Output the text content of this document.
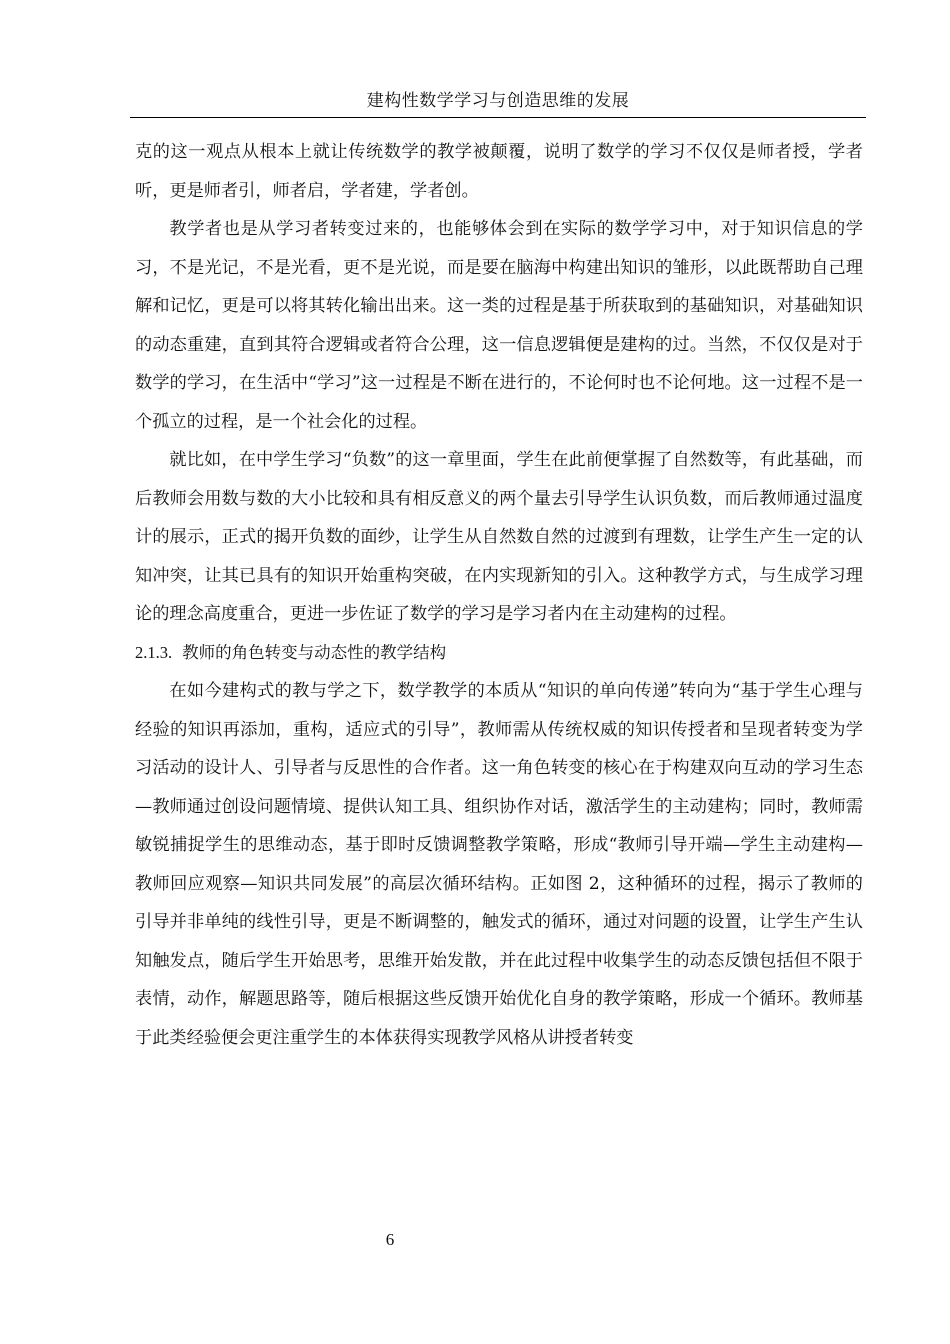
建构性数学学习与创造思维的发展

克的这一观点从根本上就让传统数学的教学被颠覆，说明了数学的学习不仅仅是师者授，学者听，更是师者引，师者启，学者建，学者创。

教学者也是从学习者转变过来的，也能够体会到在实际的数学学习中，对于知识信息的学习，不是光记，不是光看，更不是光说，而是要在脑海中构建出知识的雏形，以此既帮助自己理解和记忆，更是可以将其转化输出出来。这一类的过程是基于所获取到的基础知识，对基础知识的动态重建，直到其符合逻辑或者符合公理，这一信息逻辑便是建构的过。当然，不仅仅是对于数学的学习，在生活中“学习”这一过程是不断在进行的，不论何时也不论何地。这一过程不是一个孤立的过程，是一个社会化的过程。

就比如，在中学生学习“负数”的这一章里面，学生在此前便掌握了自然数等，有此基础，而后教师会用数与数的大小比较和具有相反意义的两个量去引导学生认识负数，而后教师通过温度计的展示，正式的揭开负数的面纱，让学生从自然数自然的过渡到有理数，让学生产生一定的认知冲突，让其已具有的知识开始重构突破，在内实现新知的引入。这种教学方式，与生成学习理论的理念高度重合，更进一步佐证了数学的学习是学习者内在主动建构的过程。

2.1.3. 教师的角色转变与动态性的教学结构

在如今建构式的教与学之下，数学教学的本质从“知识的单向传递”转向为“基于学生心理与经验的知识再添加，重构，适应式的引导”，教师需从传统权威的知识传授者和呈现者转变为学习活动的设计人、引导者与反思性的合作者。这一角色转变的核心在于构建双向互动的学习生态—教师通过创设问题情境、提供认知工具、组织协作对话，激活学生的主动建构；同时，教师需敏锐捕捉学生的思维动态，基于即时反馈调整教学策略，形成“教师引导开端—学生主动建构—教师回应观察—知识共同发展”的高层次循环结构。正如图 2，这种循环的过程，揭示了教师的引导并非单纯的线性引导，更是不断调整的，触发式的循环，通过对问题的设置，让学生产生认知触发点，随后学生开始思考，思维开始发散，并在此过程中收集学生的动态反馈包括但不限于表情，动作，解题思路等，随后根据这些反馈开始优化自身的教学策略，形成一个循环。教师基于此类经验便会更注重学生的本体获得实现教学风格从讲授者转变

6
